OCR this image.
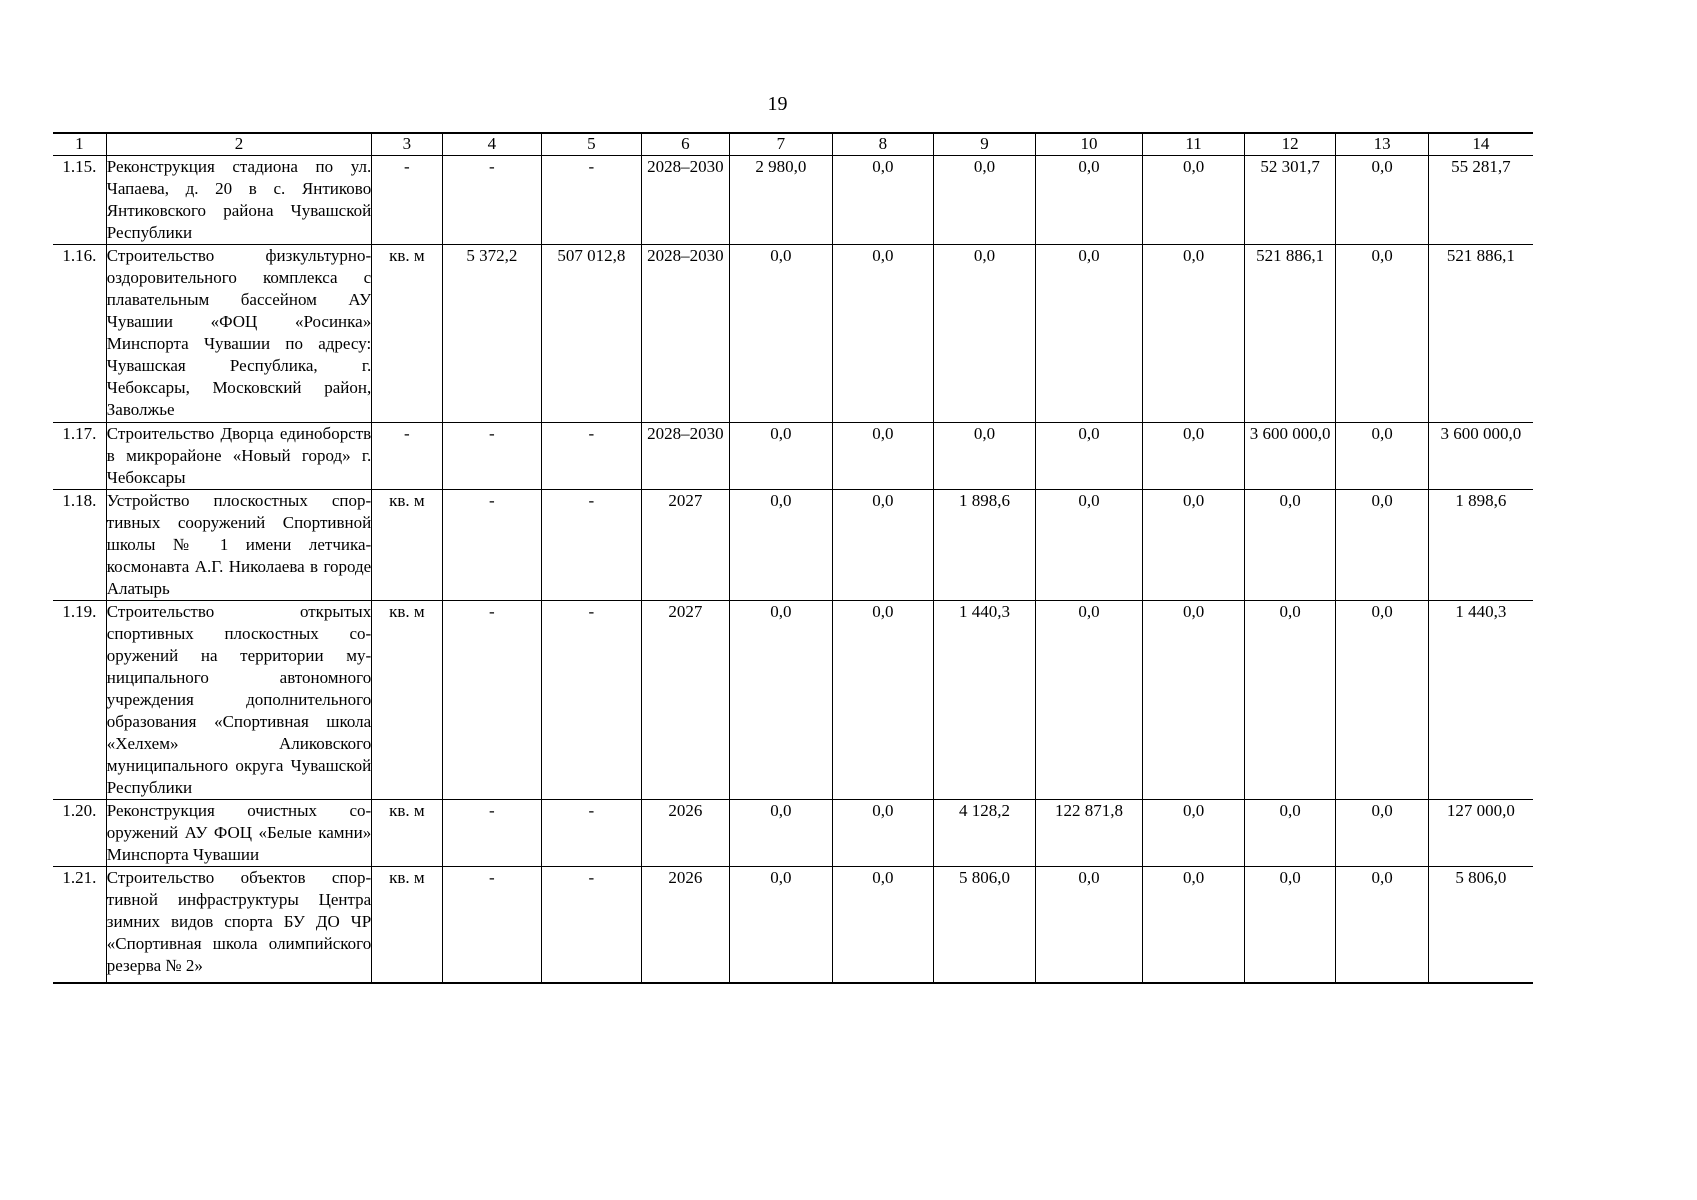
19
1	2	3	4	5	6	7	8	9	10	11	12	13	14
1.15.	Реконструкция стадиона по ул. Чапаева, д. 20 в с. Янтиково Янтиковского района Чувашской Республики	-	-	-	2028–2030	2 980,0	0,0	0,0	0,0	0,0	52 301,7	0,0	55 281,7
1.16.	Строительство физкультурнооздоровительного комплекса с плавательным бассейном АУ Чувашии «ФОЦ «Росинка» Минспорта Чувашии по адресу: Чувашская Республика, г. Чебоксары, Московский район, Заволжье	кв. м	5 372,2	507 012,8	2028–2030	0,0	0,0	0,0	0,0	0,0	521 886,1	0,0	521 886,1
1.17.	Строительство Дворца единоборств в микрорайоне «Новый город» г. Чебоксары	-	-	-	2028–2030	0,0	0,0	0,0	0,0	0,0	3 600 000,0	0,0	3 600 000,0
1.18.	Устройство плоскостных спортивных сооружений Спортивной школы № 1 имени летчика-космонавта А.Г. Николаева в городе Алатырь	кв. м	-	-	2027	0,0	0,0	1 898,6	0,0	0,0	0,0	0,0	1 898,6
1.19.	Строительство открытых спортивных плоскостных сооружений на территории муниципального автономного учреждения дополнительного образования «Спортивная школа «Хелхем» Аликовского муниципального округа Чувашской Республики	кв. м	-	-	2027	0,0	0,0	1 440,3	0,0	0,0	0,0	0,0	1 440,3
1.20.	Реконструкция очистных сооружений АУ ФОЦ «Белые камни» Минспорта Чувашии	кв. м	-	-	2026	0,0	0,0	4 128,2	122 871,8	0,0	0,0	0,0	127 000,0
1.21.	Строительство объектов спортивной инфраструктуры Центра зимних видов спорта БУ ДО ЧР «Спортивная школа олимпийского резерва № 2»	кв. м	-	-	2026	0,0	0,0	5 806,0	0,0	0,0	0,0	0,0	5 806,0
